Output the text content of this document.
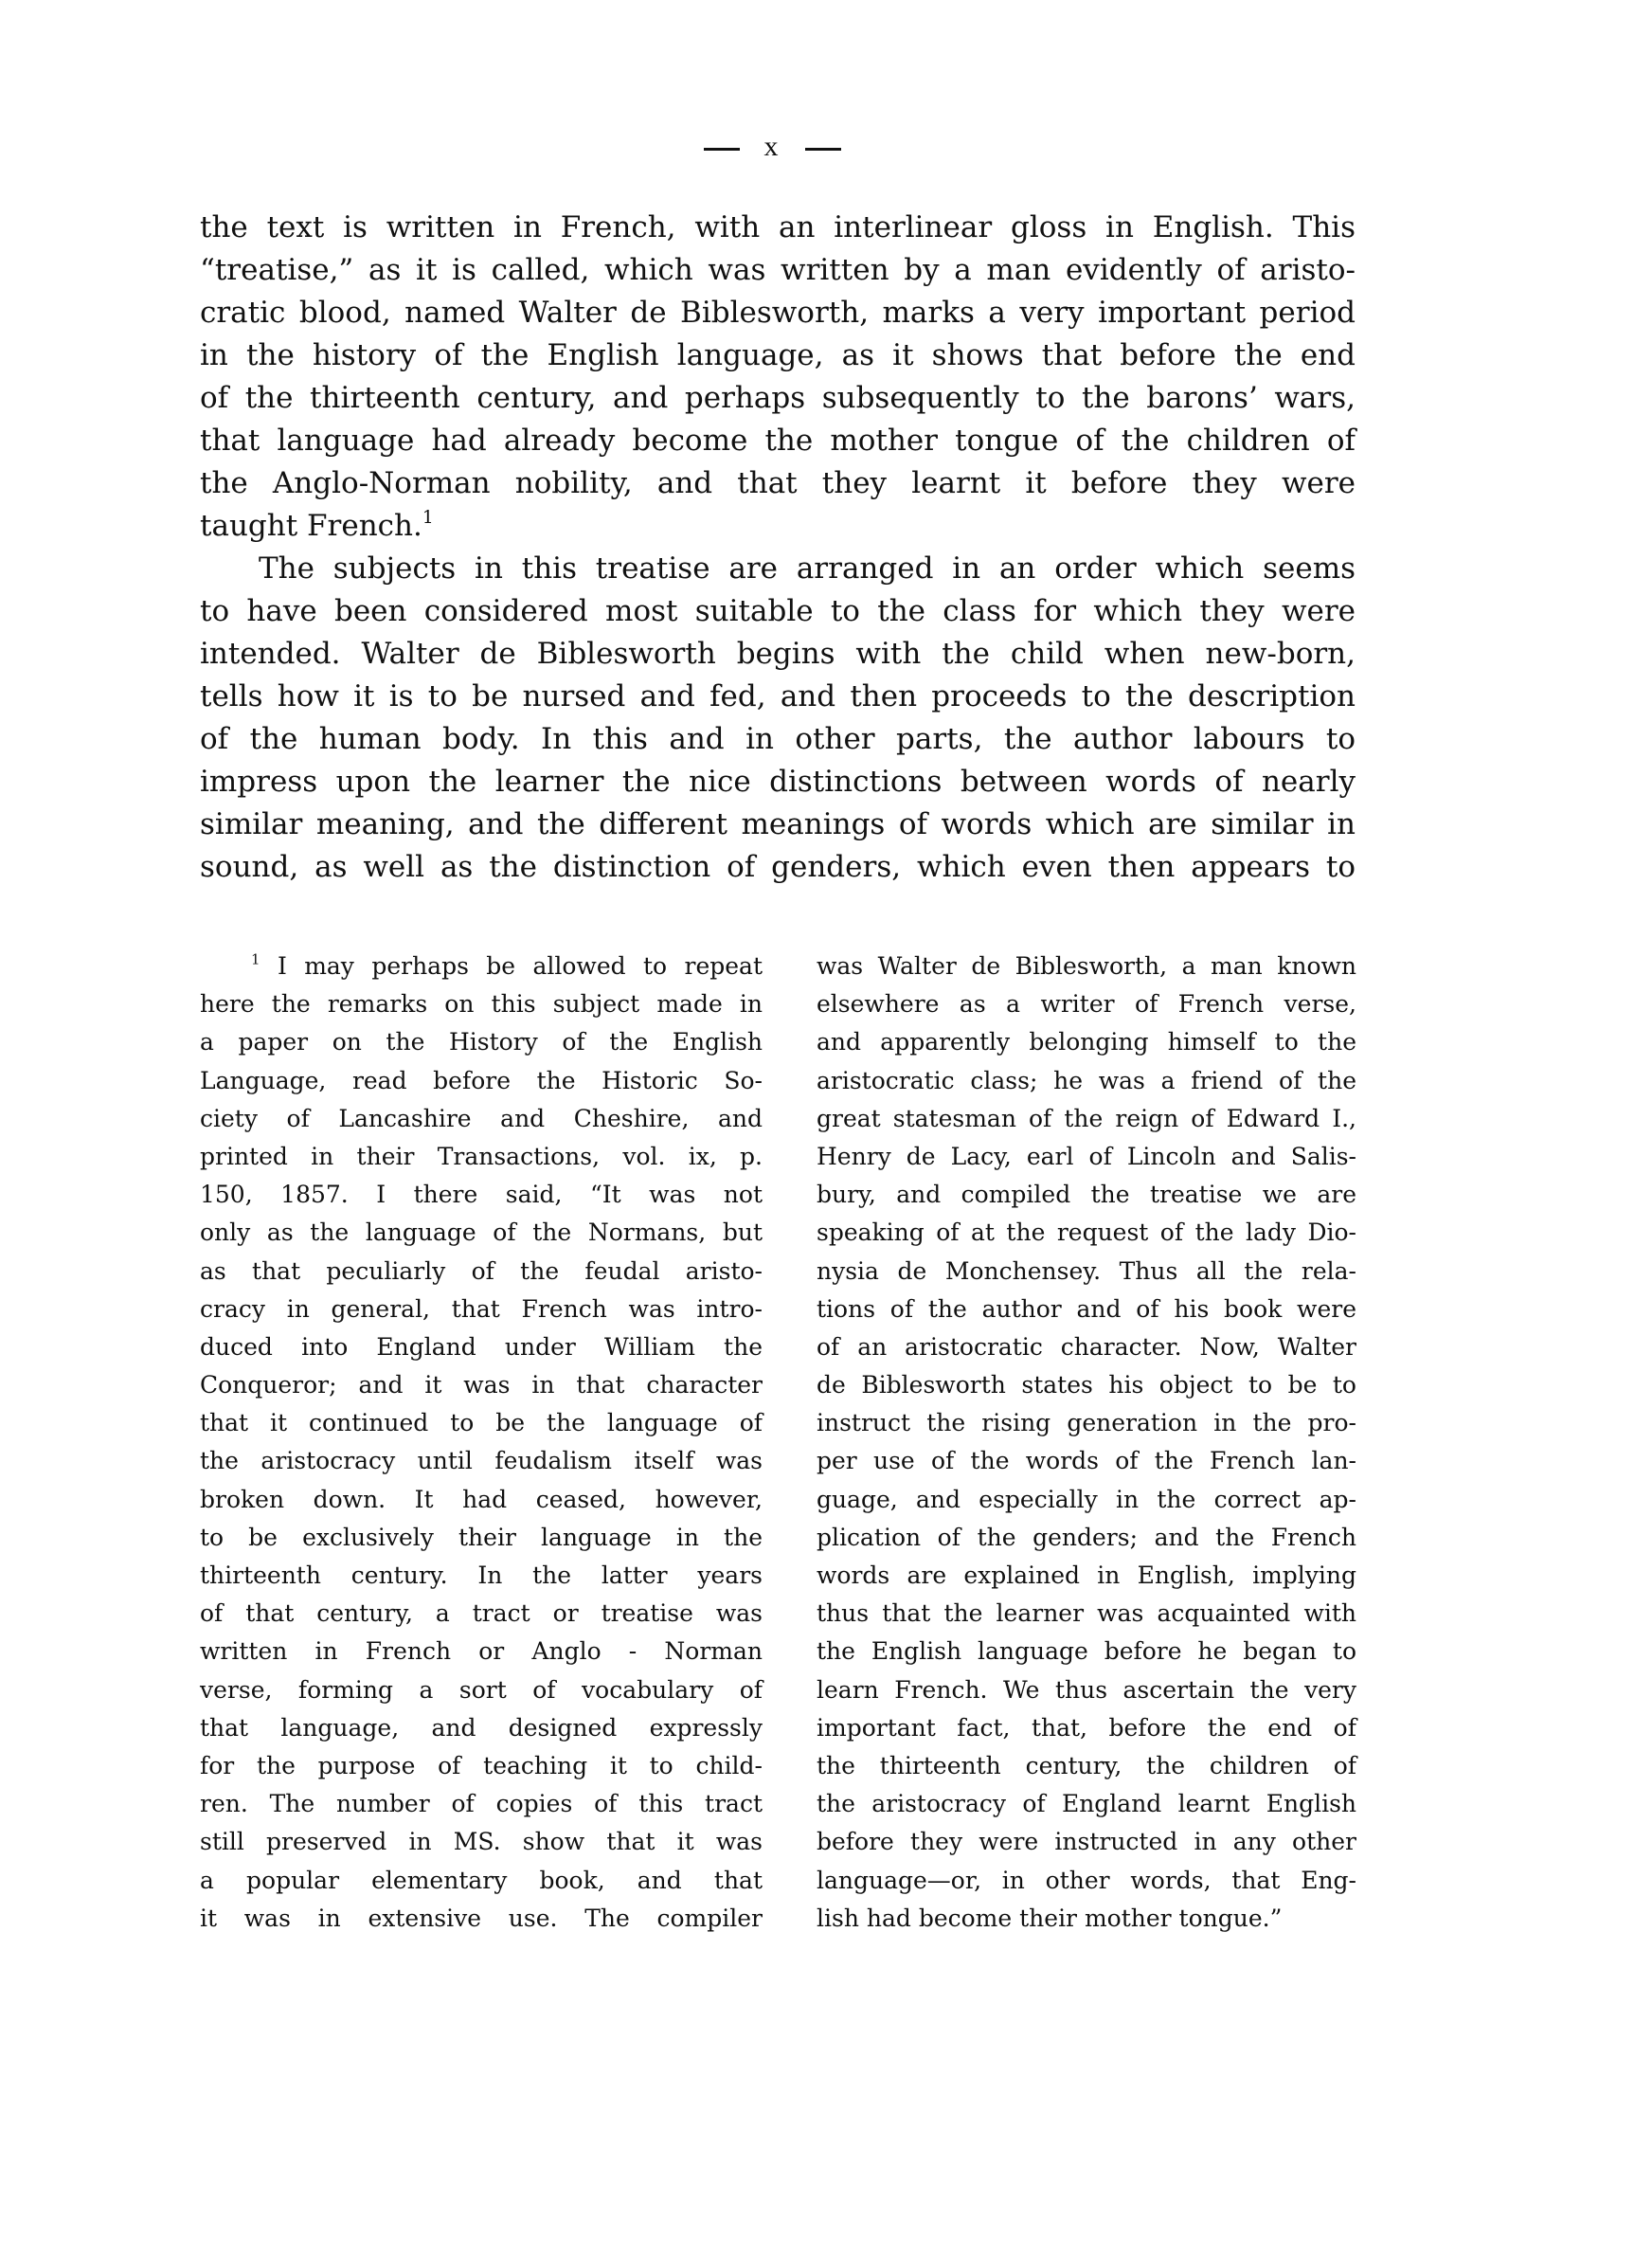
x
the text is written in French, with an interlinear gloss in English. This
“treatise,” as it is called, which was written by a man evidently of aristo-
cratic blood, named Walter de Biblesworth, marks a very important period
in the history of the English language, as it shows that before the end
of the thirteenth century, and perhaps subsequently to the barons’ wars,
that language had already become the mother tongue of the children of
the Anglo-Norman nobility, and that they learnt it before they were
taught French.$^1$
The subjects in this treatise are arranged in an order which seems
to have been considered most suitable to the class for which they were
intended. Walter de Biblesworth begins with the child when new-born,
tells how it is to be nursed and fed, and then proceeds to the description
of the human body. In this and in other parts, the author labours to
impress upon the learner the nice distinctions between words of nearly
similar meaning, and the different meanings of words which are similar in
sound, as well as the distinction of genders, which even then appears to
$^1$ I may perhaps be allowed to repeat
here the remarks on this subject made in
a paper on the History of the English
Language, read before the Historic So-
ciety of Lancashire and Cheshire, and
printed in their Transactions, vol. ix, p.
150, 1857. I there said, “It was not
only as the language of the Normans, but
as that peculiarly of the feudal aristo-
cracy in general, that French was intro-
duced into England under William the
Conqueror; and it was in that character
that it continued to be the language of
the aristocracy until feudalism itself was
broken down. It had ceased, however,
to be exclusively their language in the
thirteenth century. In the latter years
of that century, a tract or treatise was
written in French or Anglo - Norman
verse, forming a sort of vocabulary of
that language, and designed expressly
for the purpose of teaching it to child-
ren. The number of copies of this tract
still preserved in MS. show that it was
a popular elementary book, and that
it was in extensive use. The compiler
was Walter de Biblesworth, a man known
elsewhere as a writer of French verse,
and apparently belonging himself to the
aristocratic class; he was a friend of the
great statesman of the reign of Edward I.,
Henry de Lacy, earl of Lincoln and Salis-
bury, and compiled the treatise we are
speaking of at the request of the lady Dio-
nysia de Monchensey. Thus all the rela-
tions of the author and of his book were
of an aristocratic character. Now, Walter
de Biblesworth states his object to be to
instruct the rising generation in the pro-
per use of the words of the French lan-
guage, and especially in the correct ap-
plication of the genders; and the French
words are explained in English, implying
thus that the learner was acquainted with
the English language before he began to
learn French. We thus ascertain the very
important fact, that, before the end of
the thirteenth century, the children of
the aristocracy of England learnt English
before they were instructed in any other
language—or, in other words, that Eng-
lish had become their mother tongue.”
